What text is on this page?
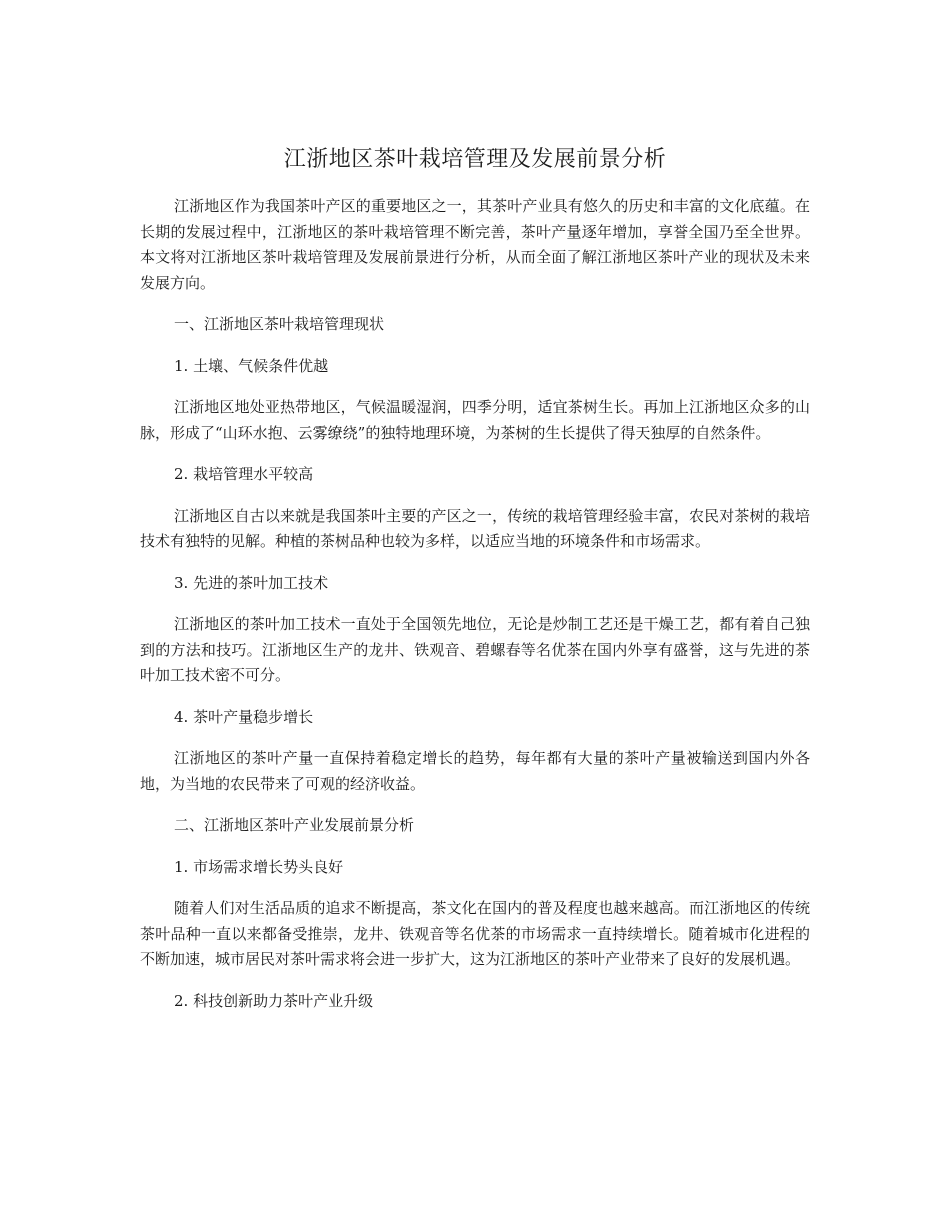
江浙地区茶叶栽培管理及发展前景分析

江浙地区作为我国茶叶产区的重要地区之一，其茶叶产业具有悠久的历史和丰富的文化底蕴。在长期的发展过程中，江浙地区的茶叶栽培管理不断完善，茶叶产量逐年增加，享誉全国乃至全世界。本文将对江浙地区茶叶栽培管理及发展前景进行分析，从而全面了解江浙地区茶叶产业的现状及未来发展方向。

一、江浙地区茶叶栽培管理现状

1. 土壤、气候条件优越

江浙地区地处亚热带地区，气候温暖湿润，四季分明，适宜茶树生长。再加上江浙地区众多的山脉，形成了“山环水抱、云雾缭绕”的独特地理环境，为茶树的生长提供了得天独厚的自然条件。

2. 栽培管理水平较高

江浙地区自古以来就是我国茶叶主要的产区之一，传统的栽培管理经验丰富，农民对茶树的栽培技术有独特的见解。种植的茶树品种也较为多样，以适应当地的环境条件和市场需求。

3. 先进的茶叶加工技术

江浙地区的茶叶加工技术一直处于全国领先地位，无论是炒制工艺还是干燥工艺，都有着自己独到的方法和技巧。江浙地区生产的龙井、铁观音、碧螺春等名优茶在国内外享有盛誉，这与先进的茶叶加工技术密不可分。

4. 茶叶产量稳步增长

江浙地区的茶叶产量一直保持着稳定增长的趋势，每年都有大量的茶叶产量被输送到国内外各地，为当地的农民带来了可观的经济收益。

二、江浙地区茶叶产业发展前景分析

1. 市场需求增长势头良好

随着人们对生活品质的追求不断提高，茶文化在国内的普及程度也越来越高。而江浙地区的传统茶叶品种一直以来都备受推崇，龙井、铁观音等名优茶的市场需求一直持续增长。随着城市化进程的不断加速，城市居民对茶叶需求将会进一步扩大，这为江浙地区的茶叶产业带来了良好的发展机遇。

2. 科技创新助力茶叶产业升级
